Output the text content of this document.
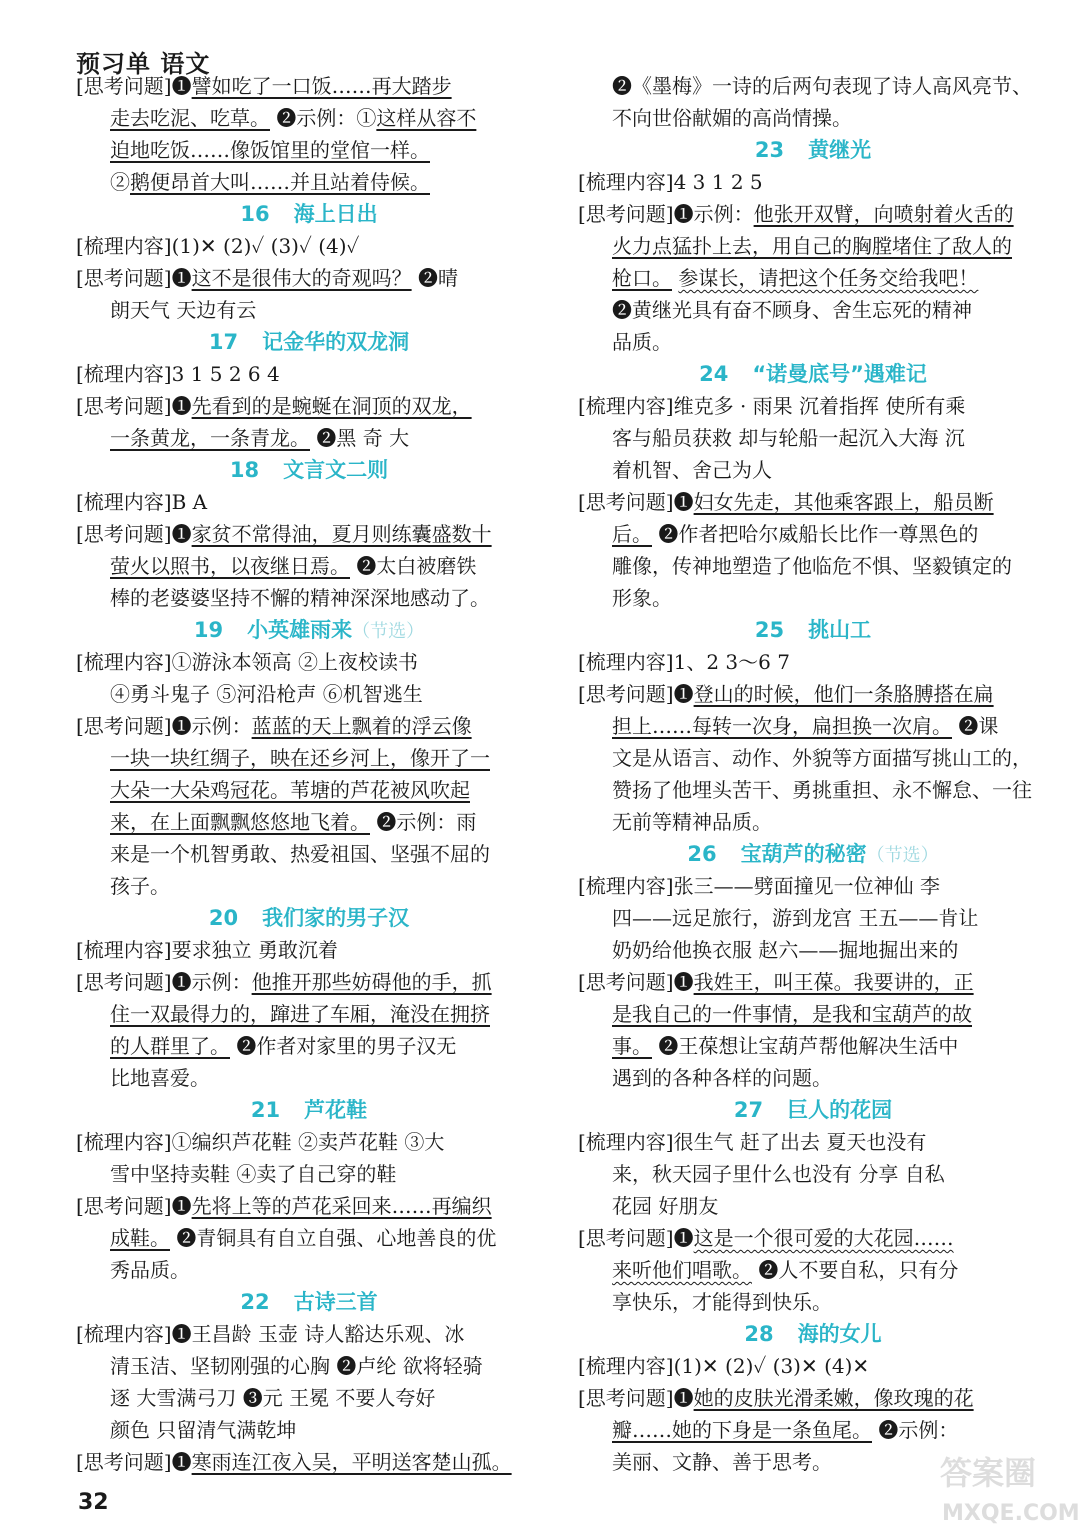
预习单 语文
[思考问题]❶譬如吃了一口饭……再大踏步
走去吃泥、吃草。 ❷示例：①这样从容不
迫地吃饭……像饭馆里的堂倌一样。
②鹅便昂首大叫……并且站着侍候。
16 海上日出
[梳理内容](1)✕ (2)✓ (3)✓ (4)✓
[思考问题]❶这不是很伟大的奇观吗？ ❷晴
朗天气 天边有云
17 记金华的双龙洞
[梳理内容]3 1 5 2 6 4
[思考问题]❶先看到的是蜿蜒在洞顶的双龙，
一条黄龙，一条青龙。 ❷黑 奇 大
18 文言文二则
[梳理内容]B A
[思考问题]❶家贫不常得油，夏月则练囊盛数十
萤火以照书，以夜继日焉。 ❷太白被磨铁
棒的老婆婆坚持不懈的精神深深地感动了。
19 小英雄雨来（节选）
[梳理内容]①游泳本领高 ②上夜校读书
④勇斗鬼子 ⑤河沿枪声 ⑥机智逃生
[思考问题]❶示例：蓝蓝的天上飘着的浮云像
一块一块红绸子，映在还乡河上，像开了一
大朵一大朵鸡冠花。苇塘的芦花被风吹起
来，在上面飘飘悠悠地飞着。 ❷示例：雨
来是一个机智勇敢、热爱祖国、坚强不屈的
孩子。
20 我们家的男子汉
[梳理内容]要求独立 勇敢沉着
[思考问题]❶示例：他推开那些妨碍他的手，抓
住一双最得力的，蹿进了车厢，淹没在拥挤
的人群里了。 ❷作者对家里的男子汉无
比地喜爱。
21 芦花鞋
[梳理内容]①编织芦花鞋 ②卖芦花鞋 ③大
雪中坚持卖鞋 ④卖了自己穿的鞋
[思考问题]❶先将上等的芦花采回来……再编织
成鞋。 ❷青铜具有自立自强、心地善良的优
秀品质。
22 古诗三首
[梳理内容]❶王昌龄 玉壶 诗人豁达乐观、冰
清玉洁、坚韧刚强的心胸 ❷卢纶 欲将轻骑
逐 大雪满弓刀 ❸元 王冕 不要人夸好
颜色 只留清气满乾坤
[思考问题]❶寒雨连江夜入吴，平明送客楚山孤。
❷《墨梅》一诗的后两句表现了诗人高风亮节、
不向世俗献媚的高尚情操。
23 黄继光
[梳理内容]4 3 1 2 5
[思考问题]❶示例：他张开双臂，向喷射着火舌的
火力点猛扑上去，用自己的胸膛堵住了敌人的
枪口。 参谋长，请把这个任务交给我吧！
❷黄继光具有奋不顾身、舍生忘死的精神
品质。
24 “诺曼底号”遇难记
[梳理内容]维克多 · 雨果 沉着指挥 使所有乘
客与船员获救 却与轮船一起沉入大海 沉
着机智、舍己为人
[思考问题]❶妇女先走，其他乘客跟上，船员断
后。 ❷作者把哈尔威船长比作一尊黑色的
雕像，传神地塑造了他临危不惧、坚毅镇定的
形象。
25 挑山工
[梳理内容]1、2 3～6 7
[思考问题]❶登山的时候，他们一条胳膊搭在扁
担上……每转一次身，扁担换一次肩。 ❷课
文是从语言、动作、外貌等方面描写挑山工的，
赞扬了他埋头苦干、勇挑重担、永不懈怠、一往
无前等精神品质。
26 宝葫芦的秘密（节选）
[梳理内容]张三——劈面撞见一位神仙 李
四——远足旅行，游到龙宫 王五——肯让
奶奶给他换衣服 赵六——掘地掘出来的
[思考问题]❶我姓王，叫王葆。我要讲的，正
是我自己的一件事情，是我和宝葫芦的故
事。 ❷王葆想让宝葫芦帮他解决生活中
遇到的各种各样的问题。
27 巨人的花园
[梳理内容]很生气 赶了出去 夏天也没有
来，秋天园子里什么也没有 分享 自私
花园 好朋友
[思考问题]❶这是一个很可爱的大花园……
来听他们唱歌。 ❷人不要自私，只有分
享快乐，才能得到快乐。
28 海的女儿
[梳理内容](1)✕ (2)✓ (3)✕ (4)✕
[思考问题]❶她的皮肤光滑柔嫩，像玫瑰的花
瓣……她的下身是一条鱼尾。 ❷示例：
美丽、文静、善于思考。
32
答案圈
MXQE.COM
